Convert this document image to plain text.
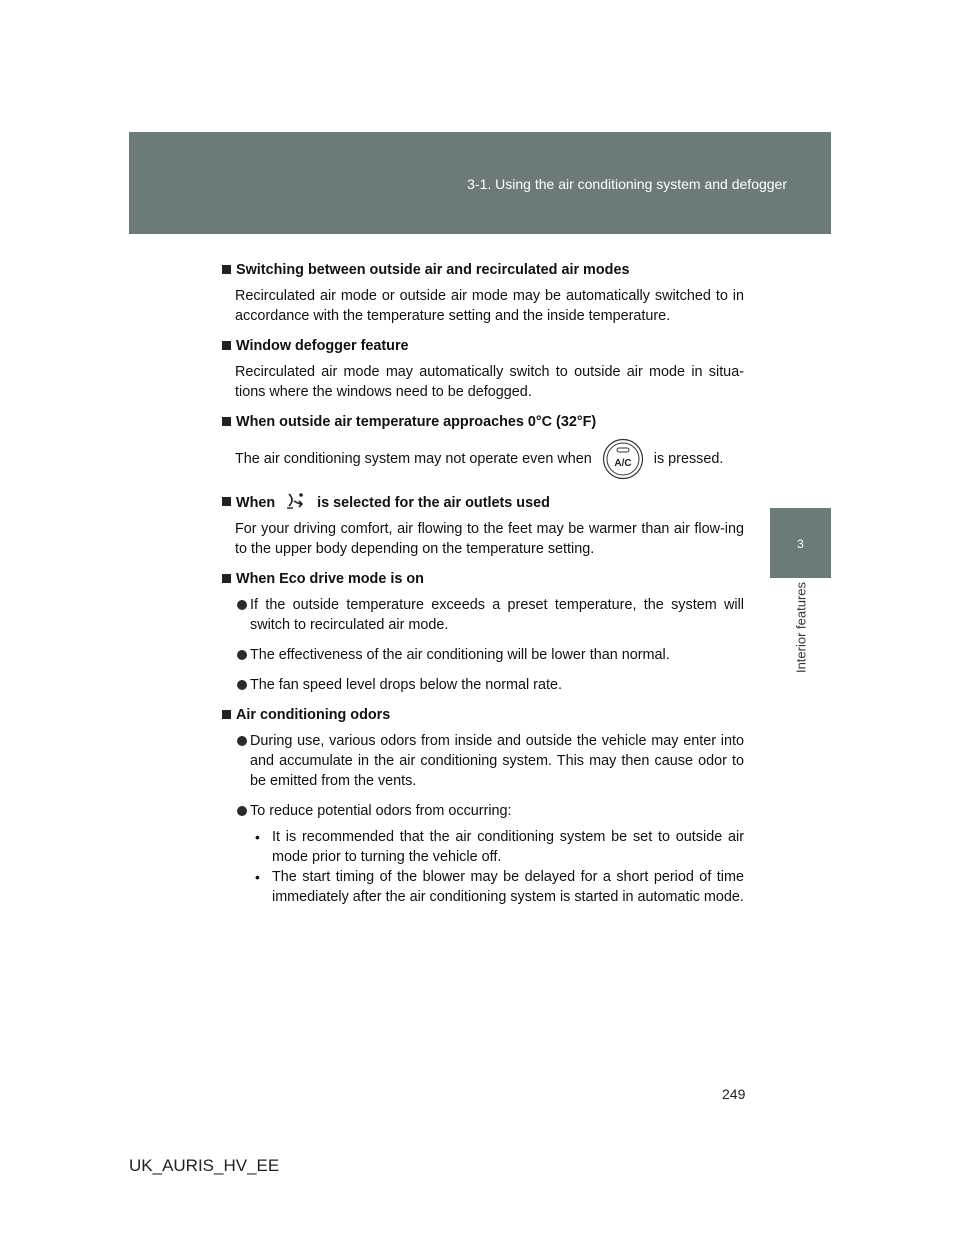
3-1. Using the air conditioning system and defogger
3
Interior features
Switching between outside air and recirculated air modes
Recirculated air mode or outside air mode may be automatically switched to in accordance with the temperature setting and the inside temperature.
Window defogger feature
Recirculated air mode may automatically switch to outside air mode in situa-tions where the windows need to be defogged.
When outside air temperature approaches 0°C (32°F)
The air conditioning system may not operate even when A/C is pressed.
When	is selected for the air outlets used
For your driving comfort, air flowing to the feet may be warmer than air flow-ing to the upper body depending on the temperature setting.
When Eco drive mode is on
If the outside temperature exceeds a preset temperature, the system will switch to recirculated air mode.
The effectiveness of the air conditioning will be lower than normal.
The fan speed level drops below the normal rate.
Air conditioning odors
During use, various odors from inside and outside the vehicle may enter into and accumulate in the air conditioning system. This may then cause odor to be emitted from the vents.
To reduce potential odors from occurring:
• It is recommended that the air conditioning system be set to outside air mode prior to turning the vehicle off.
• The start timing of the blower may be delayed for a short period of time immediately after the air conditioning system is started in automatic mode.
249
UK_AURIS_HV_EE
